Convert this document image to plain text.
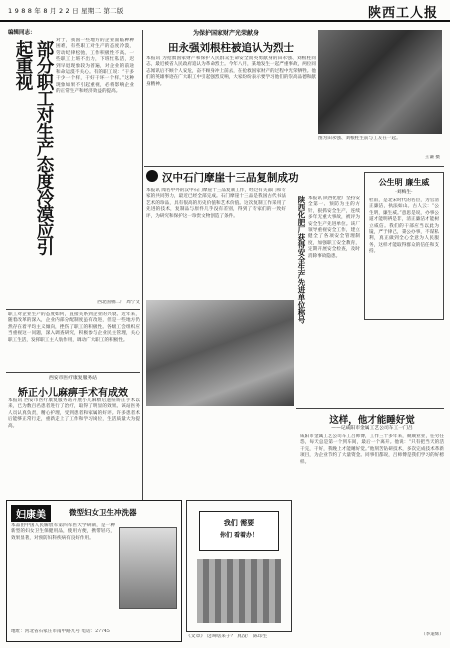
1 9 8 8 年 8 月 2 2 日 星期二 第二版	陕西工人报
编辑同志：
部分职工对生产态度冷漠应引起重视	对于，我国一些地方的企业面临种种困难，有些职工对生产的态度冷漠，劳动纪律松弛，工作积极性不高。一些职工上班不出力，下班忙私活，迟到早退现象较为普遍，对企业的前途和命运漠不关心。有的职工说：“干多干少一个样，干好干坏一个样。”这种现象如果不引起重视，必将影响企业的正常生产和经济效益的提高。
西北国棉二厂 周宁文
职工对企业生产的态度如何，直接关系到企业的兴衰。近年来，随着改革的深入，企业内部分配制度虽有改进，但是一些地方仍然存在着平均主义倾向，挫伤了职工的积极性。各级工会组织应当重视这一问题，深入调查研究，积极参与企业民主管理，关心职工生活，发挥职工主人翁作用，调动广大职工的积极性。
西安市医疗康复服务站
矫正小儿麻痹手术有成效
本报讯 西安市医疗康复服务站开展小儿麻痹后遗症矫正手术以来，已为数百名患者进行了治疗，取得了明显的效果。该站医务人员认真负责，精心护理，受到患者和家属的好评。许多患者术后能够正常行走，重新走上了工作和学习岗位，生活质量大为提高。
为保护国家财产光荣献身
田永强刘根柱被追认为烈士
本报讯 为抢救国家财产和保护人民群众生命安全而英勇献身的田永强、刘根柱同志，最近被省人民政府追认为革命烈士。今年八月，某地发生一起严重事故，两位同志闻讯后不顾个人安危，奋不顾身冲上前去，在抢救国家财产的过程中光荣牺牲。他们的英雄事迹在广大职工中引起强烈反响，大家纷纷表示要学习他们的崇高品德和献身精神。
图为田永强、刘根柱生前与工友在一起。
王谦 摄
汉中石门摩崖十三品复制成功
本报讯 闻名中外的汉中石门摩崖十三品复制工作，经过有关部门和专家的共同努力，最近已经全部完成。石门摩崖十三品是我国古代书法艺术的珍品，具有很高的历史价值和艺术价值。这次复制工作采用了先进的技术，复制品与原件几乎没有差别，得到了专家们的一致好评，为研究和保护这一珍贵文物创造了条件。	陕西化肥厂获得安全生产先进单位称号 本报讯 陕西化肥厂坚持安全第一、预防为主的方针，狠抓安全生产，连续多年无重大事故，被评为安全生产先进单位。该厂领导重视安全工作，建立健全了各项安全管理制度，加强职工安全教育，定期开展安全检查，及时消除事故隐患。
公生明 廉生威
·刘梅生·
杜甫，是北宋时代的名臣，为官清正廉洁，执法如山。古人云：“公生明，廉生威。”意思是说，办事公道才能明辨是非，清正廉洁才能树立威信。我们的干部应当以此为镜，严于律己，秉公办事，不谋私利，真正做到全心全意为人民服务，这样才能取得群众的信任和支持。
这样，他才能睡好觉
——记咸阳市金属工艺公司车工一门吕
咸阳市金属工艺公司车工吕师傅，工作三十多年来，兢兢业业，任劳任怨，每天总是第一个到车间，最后一个离开。他说：“只有把当天的活干完，干好，我晚上才能睡好觉。”他刻苦钻研技术，多次完成技术革新项目，为企业节约了大量资金。同事们都说，吕师傅是我们学习的好榜样。
（李道辉）
妇康美	微型妇女卫生冲洗器
本品由中国人民解放军第四军医大学研制，是一种新型的妇女卫生保健用品，使用方便，携带轻巧，效果显著，对预防妇科疾病有良好作用。
地址：河北省石家庄市南中路九号 电话：27745
我们 需要
你们 看着办！
《文章》 这叫啥来子？ 真没！ 陈印生
